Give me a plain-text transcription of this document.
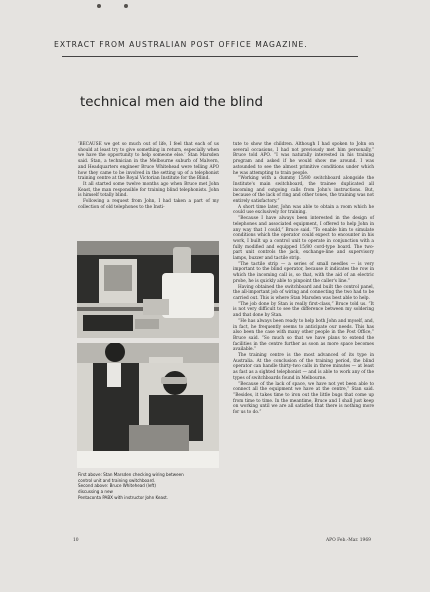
EXTRACT FROM AUSTRALIAN POST OFFICE MAGAZINE.
technical men aid the blind

‘BECAUSE we get so much out of life, I feel that each of us should at least try to give something in return, especially when we have the opportunity to help someone else.’ Stan Marsden said. Stan, a technician in the Melbourne suburb of Malvern, and Headquarters engineer Bruce Whitehead were telling APO how they came to be involved in the setting up of a telephonist training centre at the Royal Victorian Institute for the Blind.

It all started some twelve months ago when Bruce met John Keast, the man responsible for training blind telephonists. John is himself totally blind.

Following a request from John, I had taken a part of my collection of old telephones to the Insti-

First above: Stan Marsden checking wiring between
control unit and training switchboard.
Second above: Bruce Whitehead (left)
discussing a new
Pentaconta PABX with instructor John Keast.

tute to show the children. Although I had spoken to John on several occasions, I had not previously met him personally,” Bruce told APO. “I was naturally interested in his training program and asked if he would show me around. I was astounded to see the almost primitive conditions under which he was attempting to train people.

“Working with a dummy 15/80 switchboard alongside the Institute's main switchboard, the trainee duplicated all incoming and outgoing calls from John's instructions. But, because of the lack of ring and other tones, the training was not entirely satisfactory.”

A short time later, John was able to obtain a room which he could use exclusively for training.

“Because I have always been interested in the design of telephones and associated equipment, I offered to help John in any way that I could,” Bruce said. “To enable him to simulate conditions which the operator could expect to encounter in his work, I built up a control unit to operate in conjunction with a fully modified and equipped 15/80 cord-type board. The two-part unit controls the jack, exchange-line and supervisory lamps, buzzer and tactile strip.

“The tactile strip — a series of small needles — is very important to the blind operator, because it indicates the row in which the incoming call is, so that, with the aid of an electric probe, he is quickly able to pinpoint the caller's line.”

Having obtained the switchboard and built the control panel, the all-important job of wiring and connecting the two had to be carried out. This is where Stan Marsden was best able to help.

“The job done by Stan is really first-class,” Bruce told us. “It is not very difficult to see the difference between my soldering and that done by Stan.

“He has always been ready to help both John and myself, and, in fact, he frequently seems to anticipate our needs. This has also been the case with many other people in the Post Office,” Bruce said. “So much so that we have plans to extend the facilities in the centre further as soon as more space becomes available.”

The training centre is the most advanced of its type in Australia. At the conclusion of the training period, the blind operator can handle thirty-two calls in three minutes — at least as fast as a sighted telephonist — and is able to work any of the types of switchboards found in Melbourne.

“Because of the lack of space, we have not yet been able to connect all the equipment we have at the centre,” Stan said. “Besides, it takes time to iron out the little bugs that come up from time to time. In the meantime, Bruce and I shall just keep on working until we are all satisfied that there is nothing more for us to do.”

10	APO Feb.-Mar. 1969
